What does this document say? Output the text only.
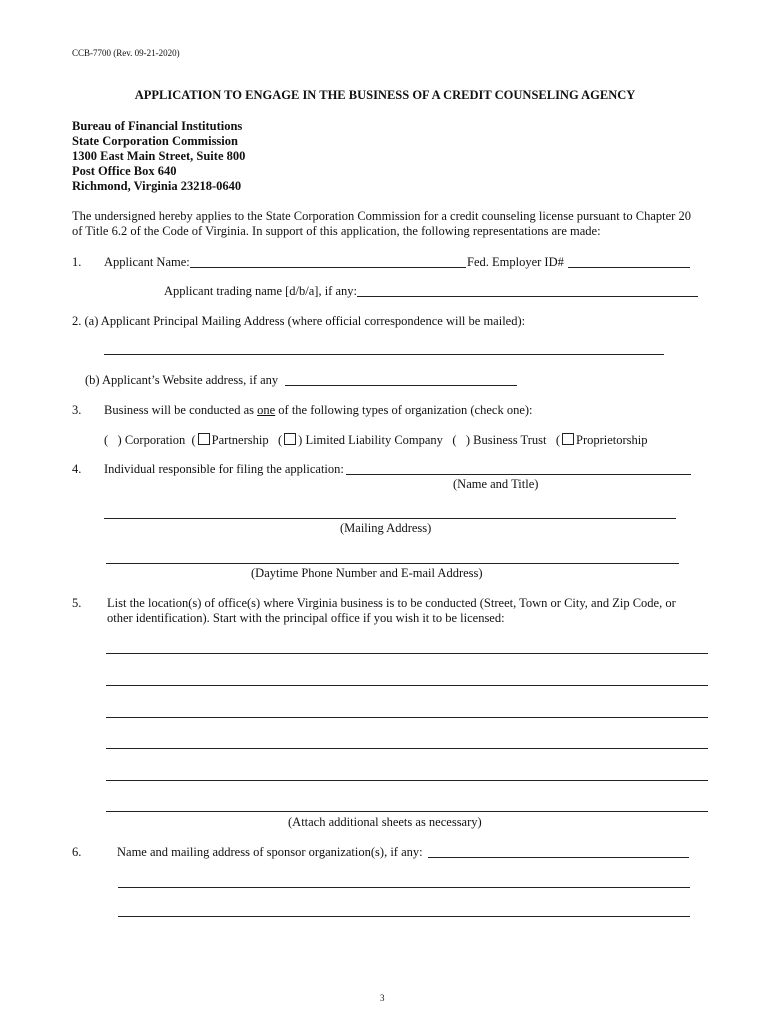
CCB-7700 (Rev. 09-21-2020)
APPLICATION TO ENGAGE IN THE BUSINESS OF A CREDIT COUNSELING AGENCY
Bureau of Financial Institutions
State Corporation Commission
1300 East Main Street, Suite 800
Post Office Box 640
Richmond, Virginia 23218-0640
The undersigned hereby applies to the State Corporation Commission for a credit counseling license pursuant to Chapter 20
of Title 6.2 of the Code of Virginia. In support of this application, the following representations are made:
1. Applicant Name:	Fed. Employer ID#
Applicant trading name [d/b/a], if any:
2. (a) Applicant Principal Mailing Address (where official correspondence will be mailed):
(b) Applicant’s Website address, if any
3. Business will be conducted as one of the following types of organization (check one):
(   ) Corporation  ( Partnership   ( ) Limited Liability Company   (   ) Business Trust   ( Proprietorship
4. Individual responsible for filing the application:
(Name and Title)
(Mailing Address)
(Daytime Phone Number and E-mail Address)
5. List the location(s) of office(s) where Virginia business is to be conducted (Street, Town or City, and Zip Code, or
other identification). Start with the principal office if you wish it to be licensed:
(Attach additional sheets as necessary)
6.	Name and mailing address of sponsor organization(s), if any:
3
